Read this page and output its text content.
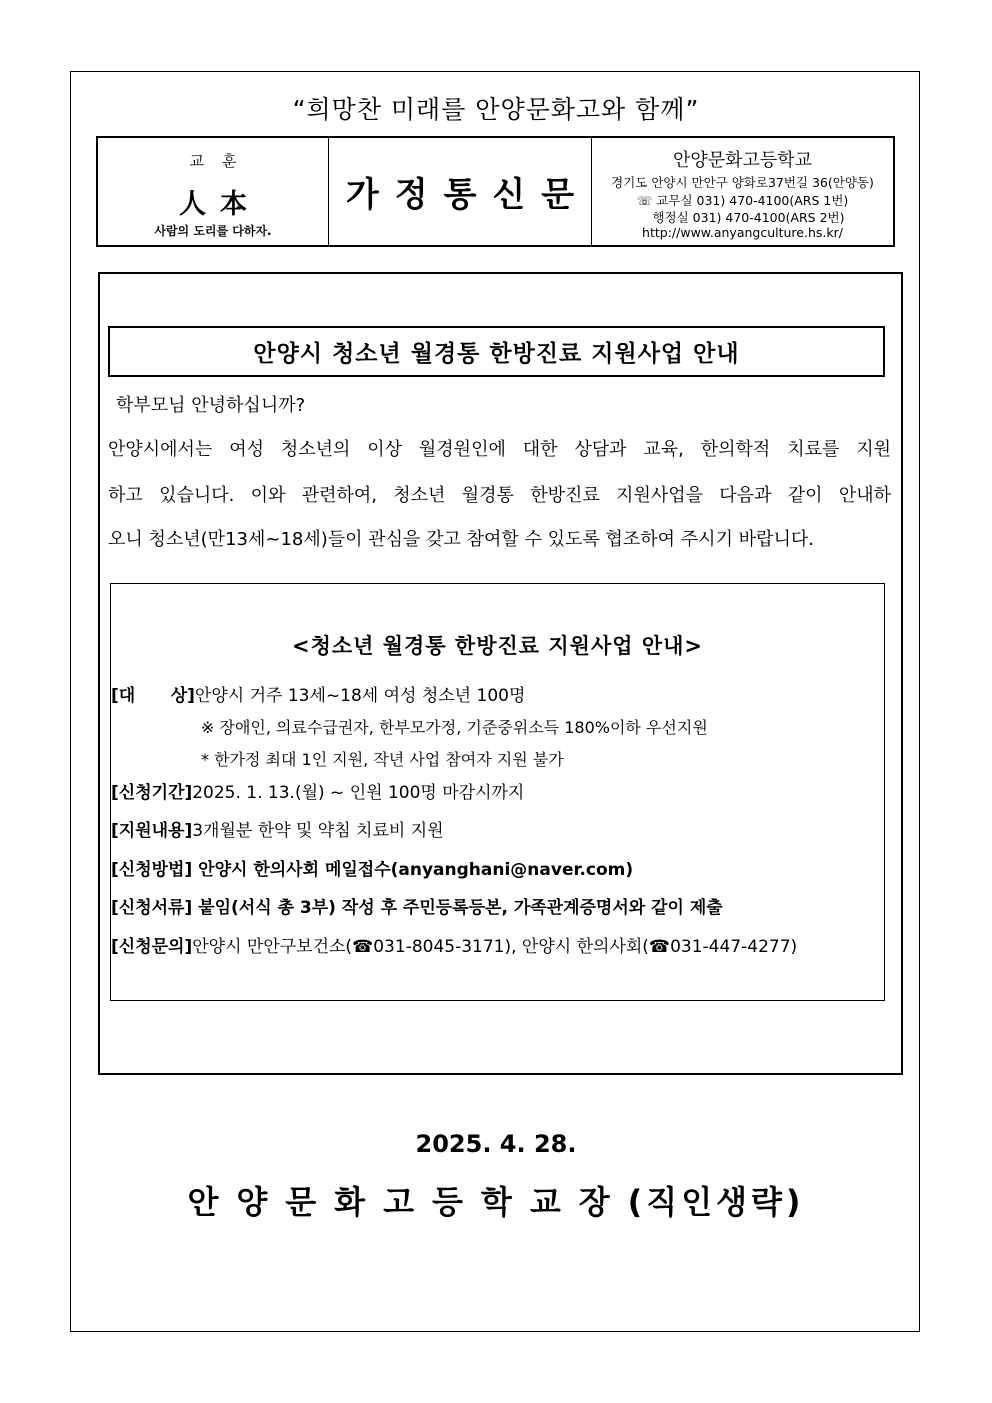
“희망찬 미래를 안양문화고와 함께”
교훈
人本
사람의 도리를 다하자.
가정통신문
안양문화고등학교
경기도 안양시 만안구 양화로37번길 36(안양동)
☏ 교무실 031) 470-4100(ARS 1번)
행정실 031) 470-4100(ARS 2번)
http://www.anyangculture.hs.kr/
안양시 청소년 월경통 한방진료 지원사업 안내
학부모님 안녕하십니까?
안양시에서는 여성 청소년의 이상 월경원인에 대한 상담과 교육, 한의학적 치료를 지원
하고 있습니다. 이와 관련하여, 청소년 월경통 한방진료 지원사업을 다음과 같이 안내하
오니 청소년(만13세~18세)들이 관심을 갖고 참여할 수 있도록 협조하여 주시기 바랍니다.
<청소년 월경통 한방진료 지원사업 안내>
[대      상]안양시 거주 13세~18세 여성 청소년 100명
※ 장애인, 의료수급권자, 한부모가정, 기준중위소득 180%이하 우선지원
* 한가정 최대 1인 지원, 작년 사업 참여자 지원 불가
[신청기간]2025. 1. 13.(월) ~ 인원 100명 마감시까지
[지원내용]3개월분 한약 및 약침 치료비 지원
[신청방법] 안양시 한의사회 메일접수(anyanghani@naver.com)
[신청서류] 붙임(서식 총 3부) 작성 후 주민등록등본, 가족관계증명서와 같이 제출
[신청문의]안양시 만안구보건소(☎031-8045-3171), 안양시 한의사회(☎031-447-4277)
2025. 4. 28.
안양문화고등학교장(직인생략)
